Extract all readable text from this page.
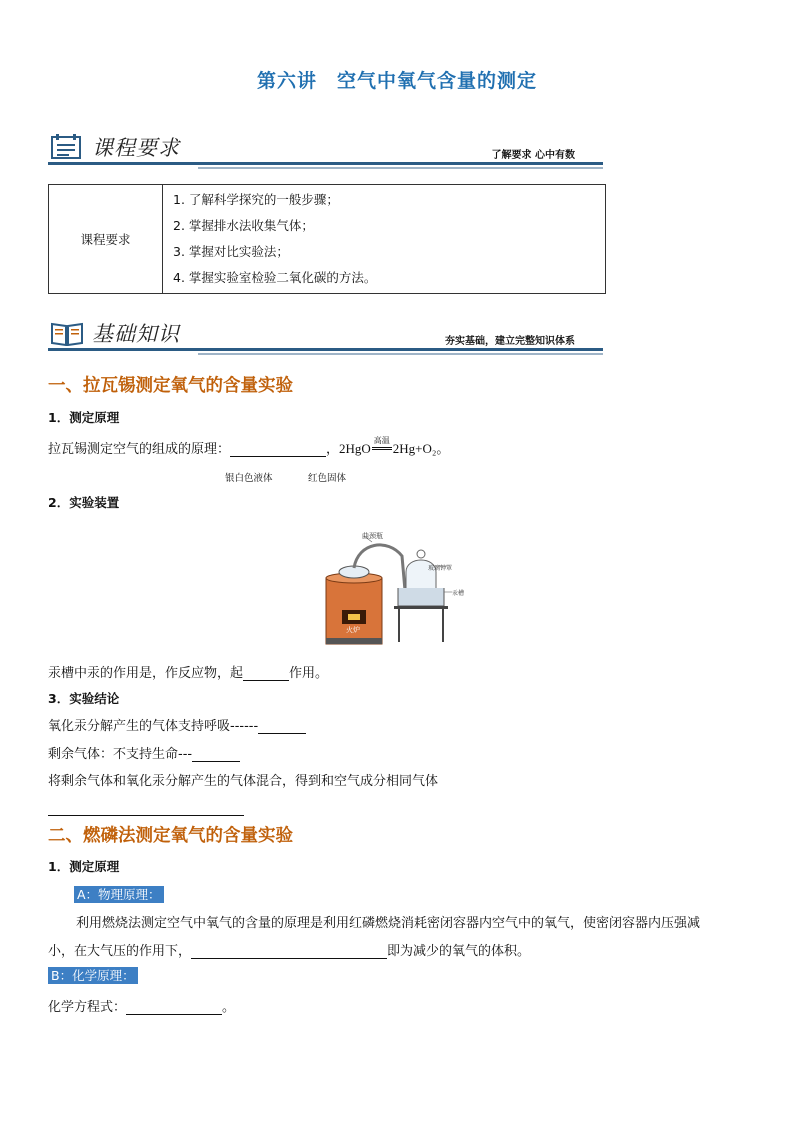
第六讲　空气中氧气含量的测定
课程要求	了解要求 心中有数
课程要求	
1. 了解科学探究的一般步骤；
2. 掌握排水法收集气体；
3. 掌握对比实验法；
4. 掌握实验室检验二氧化碳的方法。
基础知识	夯实基础，建立完整知识体系
一、拉瓦锡测定氧气的含量实验
1．测定原理
拉瓦锡测定空气的组成的原理：	，2HgO
高温
2Hg+O₂。
银白色液体	红色固体
2．实验装置
曲颈瓶
玻璃钟罩
汞槽
火炉
汞槽中汞的作用是，作反应物，起	作用。
3．实验结论
氧化汞分解产生的气体支持呼吸------
剩余气体：不支持生命---
将剩余气体和氧化汞分解产生的气体混合，得到和空气成分相同气体
二、燃磷法测定氧气的含量实验
1．测定原理
A：物理原理：
利用燃烧法测定空气中氧气的含量的原理是利用红磷燃烧消耗密闭容器内空气中的氧气，使密闭容器内压强减
小，在大气压的作用下，	即为减少的氧气的体积。
B：化学原理：
化学方程式：	。
